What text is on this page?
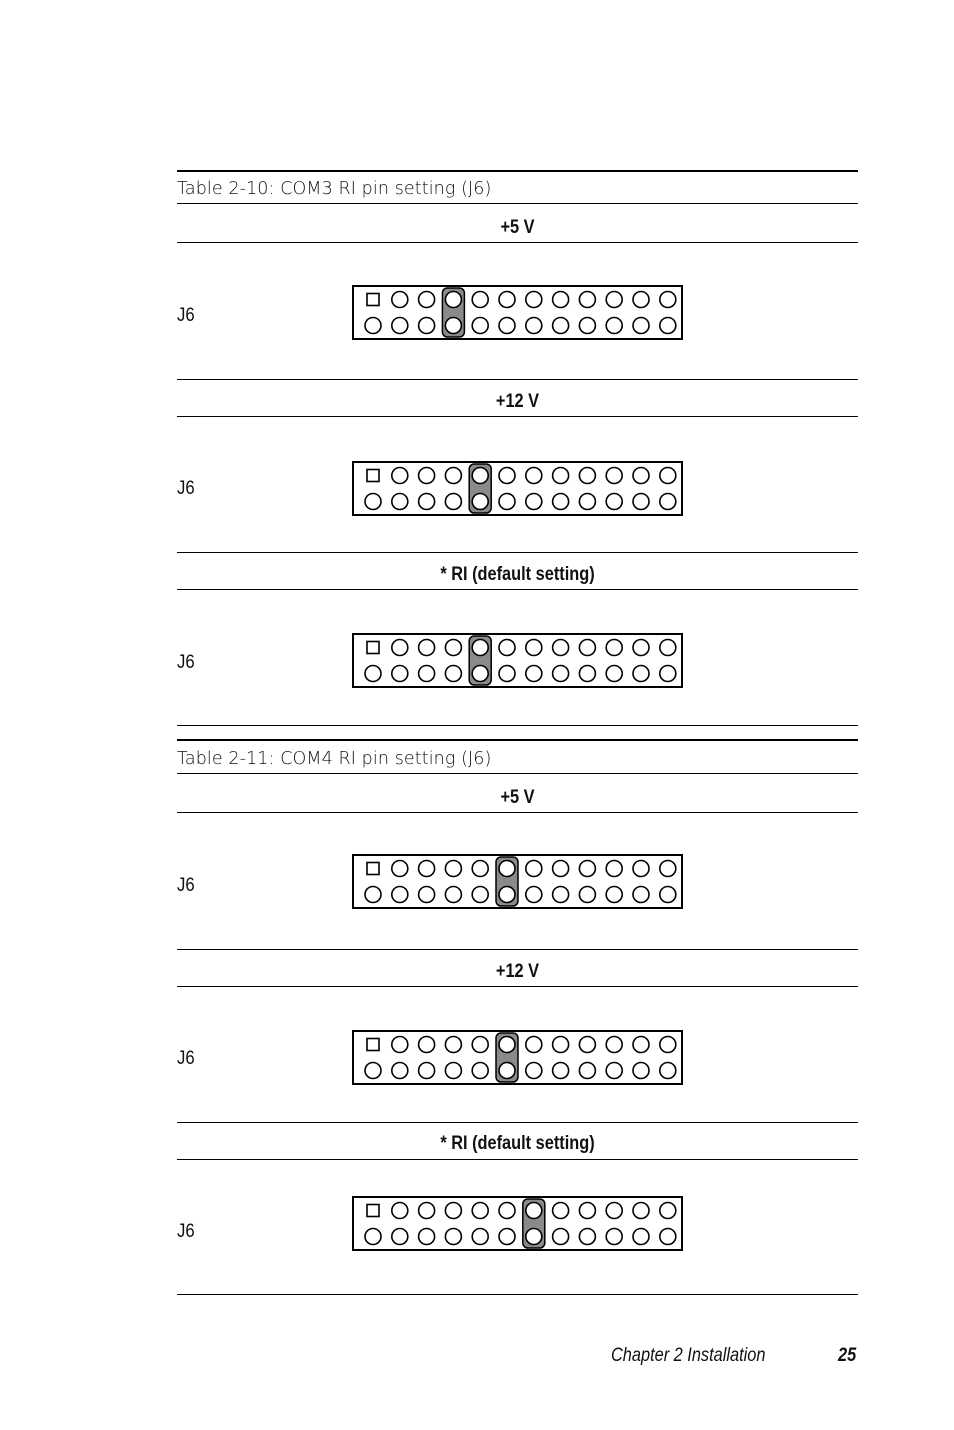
Table 2-10: COM3 RI pin setting (J6)
+5 V
J6
+12 V
J6
* RI (default setting)
J6
Table 2-11: COM4 RI pin setting (J6)
+5 V
J6
+12 V
J6
* RI (default setting)
J6
Chapter 2 Installation	25
